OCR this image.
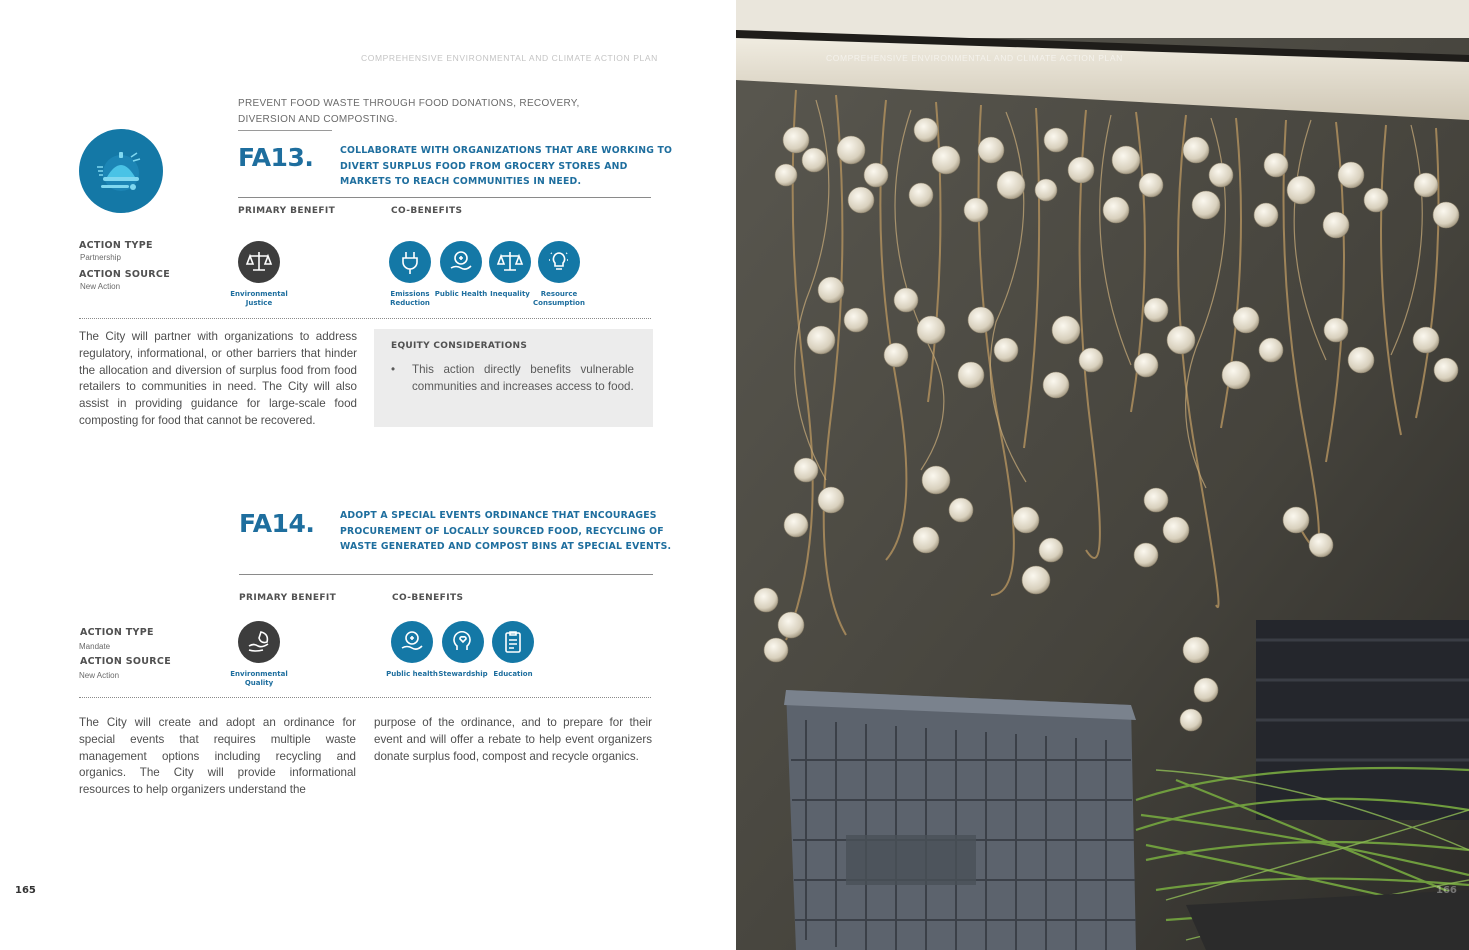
COMPREHENSIVE ENVIRONMENTAL AND CLIMATE ACTION PLAN
PREVENT FOOD WASTE THROUGH FOOD DONATIONS, RECOVERY, DIVERSION AND COMPOSTING.
FA13.	COLLABORATE WITH ORGANIZATIONS THAT ARE WORKING TO DIVERT SURPLUS FOOD FROM GROCERY STORES AND MARKETS TO REACH COMMUNITIES IN NEED.
PRIMARY BENEFIT	CO-BENEFITS
ACTION TYPE
Partnership
ACTION SOURCE
New Action
Environmental Justice
Emissions Reduction
Public Health Inequality	Resource Consumption
The City will partner with organizations to address regulatory, informational, or other barriers that hinder the allocation and diversion of surplus food from food retailers to communities in need. The City will also assist in providing guidance for large-scale food composting for food that cannot be recovered.
EQUITY CONSIDERATIONS
• This action directly benefits vulnerable communities and increases access to food.
FA14.	ADOPT A SPECIAL EVENTS ORDINANCE THAT ENCOURAGES PROCUREMENT OF LOCALLY SOURCED FOOD, RECYCLING OF WASTE GENERATED AND COMPOST BINS AT SPECIAL EVENTS.
PRIMARY BENEFIT	CO-BENEFITS
ACTION TYPE
Mandate
ACTION SOURCE
New Action	Environmental Quality
Public health Stewardship Education
The City will create and adopt an ordinance for special events that requires multiple waste management options including recycling and organics. The City will provide informational resources to help organizers understand the
purpose of the ordinance, and to prepare for their event and will offer a rebate to help event organizers donate surplus food, compost and recycle organics.
165
COMPREHENSIVE ENVIRONMENTAL AND CLIMATE ACTION PLAN
166
